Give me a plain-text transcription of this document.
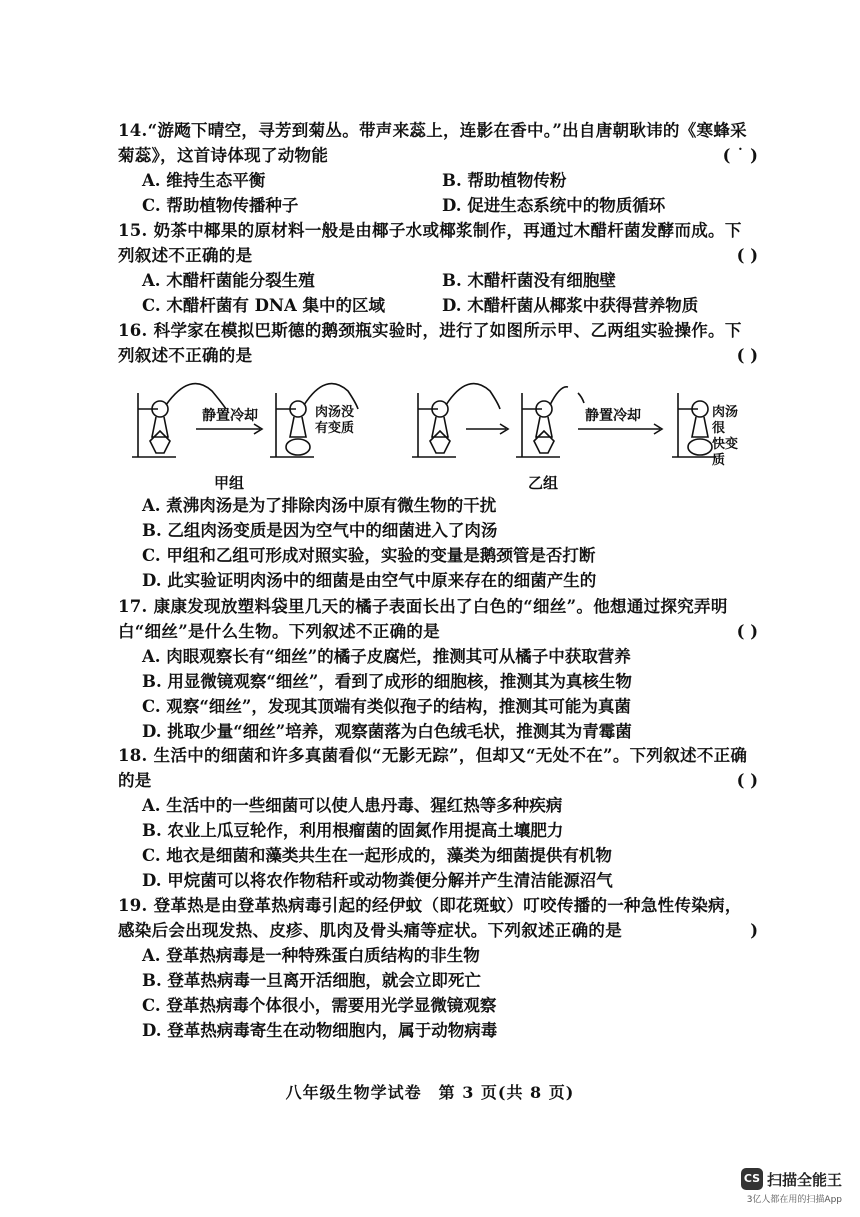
14.“游飏下晴空，寻芳到菊丛。带声来蕊上，连影在香中。”出自唐朝耿讳的《寒蜂采菊蕊》，这首诗体现了动物能	( ˙ )
A. 维持生态平衡	B. 帮助植物传粉
C. 帮助植物传播种子	D. 促进生态系统中的物质循环

15. 奶茶中椰果的原材料一般是由椰子水或椰浆制作，再通过木醋杆菌发酵而成。下列叙述不正确的是	( )
A. 木醋杆菌能分裂生殖	B. 木醋杆菌没有细胞壁
C. 木醋杆菌有 DNA 集中的区域	D. 木醋杆菌从椰浆中获得营养物质

16. 科学家在模拟巴斯德的鹅颈瓶实验时，进行了如图所示甲、乙两组实验操作。下列叙述不正确的是	( )
静置冷却	肉汤没
有变质
静置冷却	肉汤很
快变质
甲组	乙组
A. 煮沸肉汤是为了排除肉汤中原有微生物的干扰
B. 乙组肉汤变质是因为空气中的细菌进入了肉汤
C. 甲组和乙组可形成对照实验，实验的变量是鹅颈管是否打断
D. 此实验证明肉汤中的细菌是由空气中原来存在的细菌产生的

17. 康康发现放塑料袋里几天的橘子表面长出了白色的“细丝”。他想通过探究弄明白“细丝”是什么生物。下列叙述不正确的是	( )
A. 肉眼观察长有“细丝”的橘子皮腐烂，推测其可从橘子中获取营养
B. 用显微镜观察“细丝”，看到了成形的细胞核，推测其为真核生物
C. 观察“细丝”，发现其顶端有类似孢子的结构，推测其可能为真菌
D. 挑取少量“细丝”培养，观察菌落为白色绒毛状，推测其为青霉菌

18. 生活中的细菌和许多真菌看似“无影无踪”，但却又“无处不在”。下列叙述不正确的是	( )
A. 生活中的一些细菌可以使人患丹毒、猩红热等多种疾病
B. 农业上瓜豆轮作，利用根瘤菌的固氮作用提高土壤肥力
C. 地衣是细菌和藻类共生在一起形成的，藻类为细菌提供有机物
D. 甲烷菌可以将农作物秸秆或动物粪便分解并产生清洁能源沼气

19. 登革热是由登革热病毒引起的经伊蚊（即花斑蚊）叮咬传播的一种急性传染病，感染后会出现发热、皮疹、肌肉及骨头痛等症状。下列叙述正确的是	)
A. 登革热病毒是一种特殊蛋白质结构的非生物
B. 登革热病毒一旦离开活细胞，就会立即死亡
C. 登革热病毒个体很小，需要用光学显微镜观察
D. 登革热病毒寄生在动物细胞内，属于动物病毒
八年级生物学试卷　第 3 页(共 8 页)
CS 扫描全能王
3亿人都在用的扫描App
